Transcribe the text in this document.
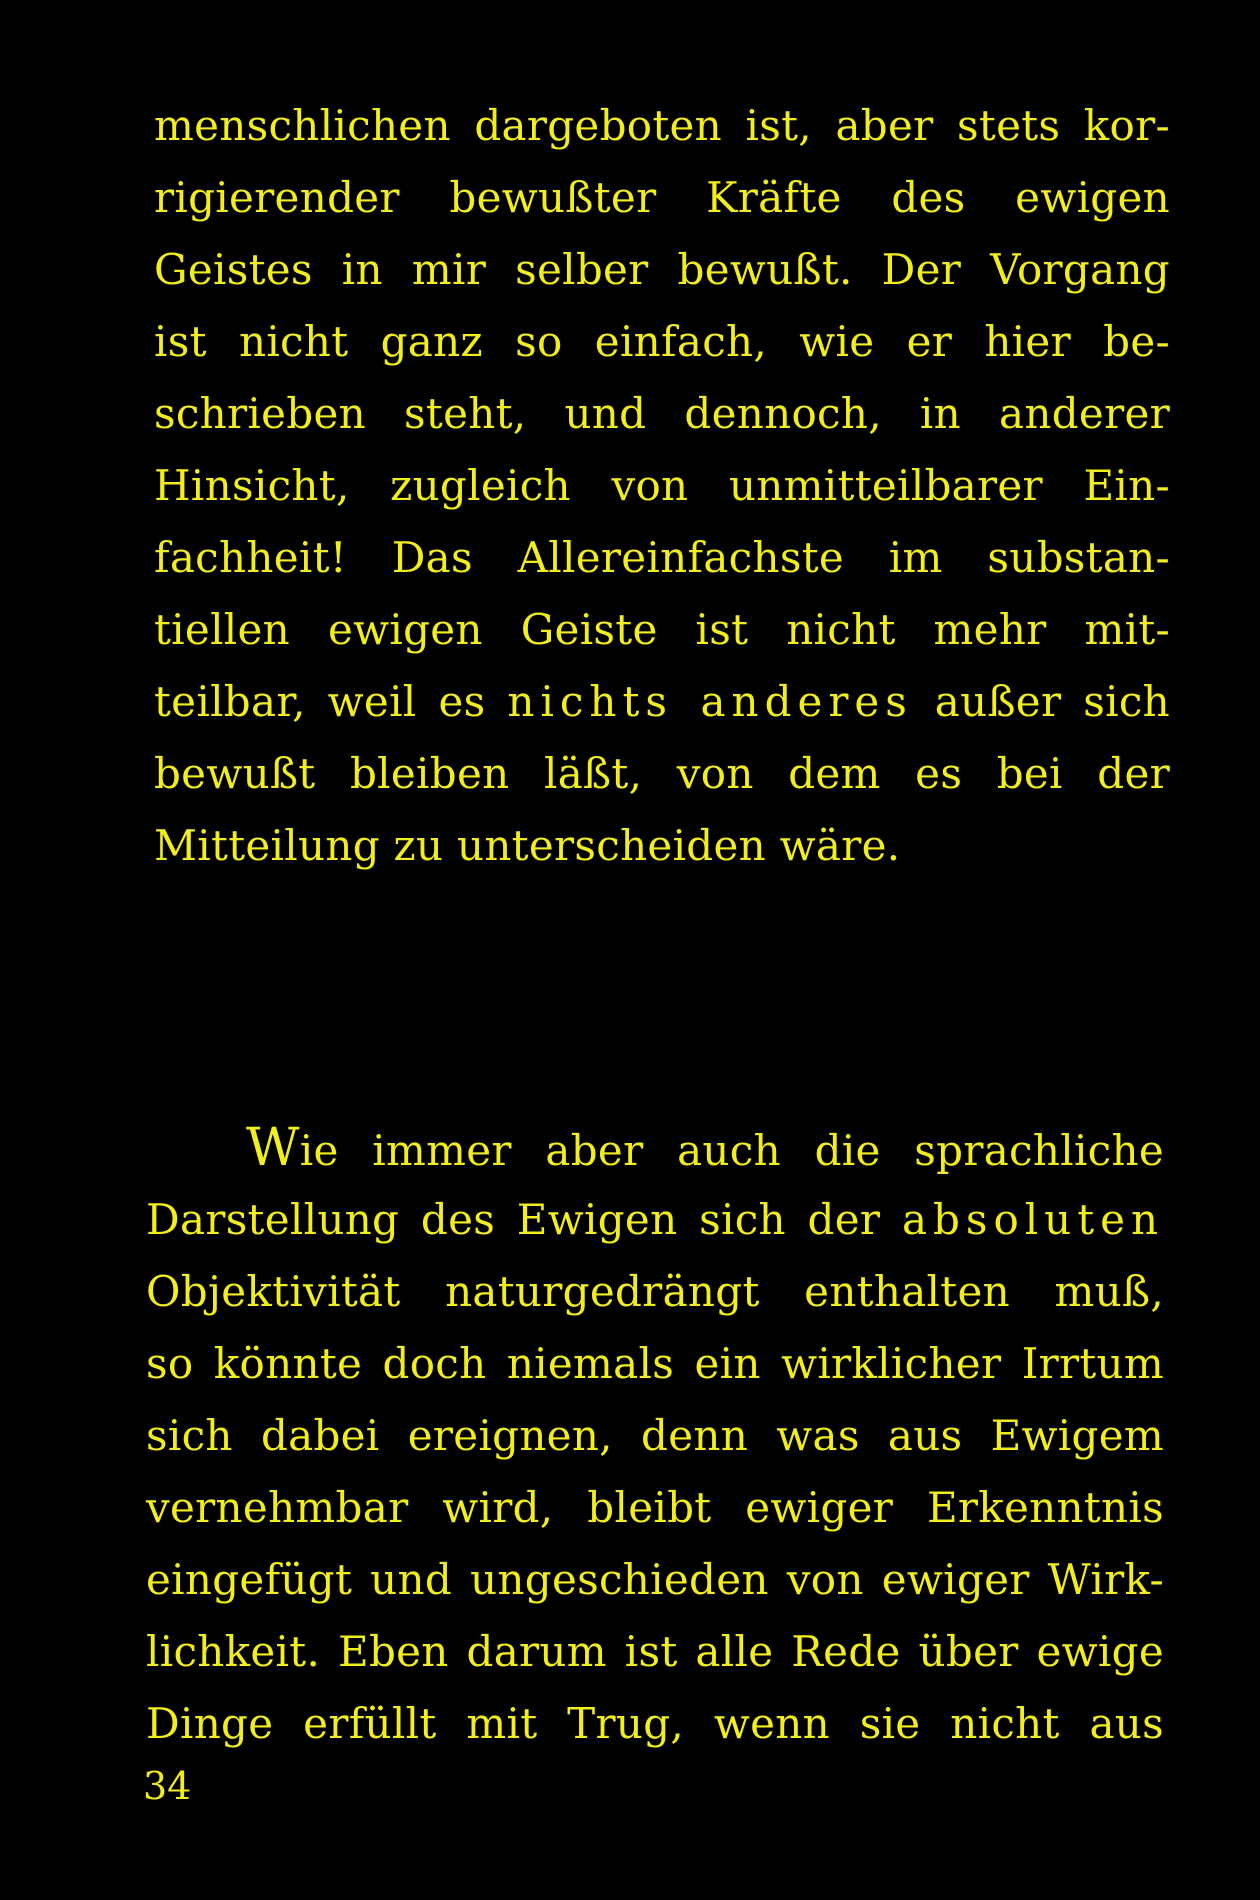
menschlichen dargeboten ist, aber stets kor-
rigierender bewußter Kräfte des ewigen
Geistes in mir selber bewußt. Der Vorgang
ist nicht ganz so einfach, wie er hier be-
schrieben steht, und dennoch, in anderer
Hinsicht, zugleich von unmitteilbarer Ein-
fachheit! Das Allereinfachste im substan-
tiellen ewigen Geiste ist nicht mehr mit-
teilbar, weil es nichts anderes außer sich
bewußt bleiben läßt, von dem es bei der
Mitteilung zu unterscheiden wäre.
Wie immer aber auch die sprachliche
Darstellung des Ewigen sich der absoluten
Objektivität naturgedrängt enthalten muß,
so könnte doch niemals ein wirklicher Irrtum
sich dabei ereignen, denn was aus Ewigem
vernehmbar wird, bleibt ewiger Erkenntnis
eingefügt und ungeschieden von ewiger Wirk-
lichkeit. Eben darum ist alle Rede über ewige
Dinge erfüllt mit Trug, wenn sie nicht aus
34
